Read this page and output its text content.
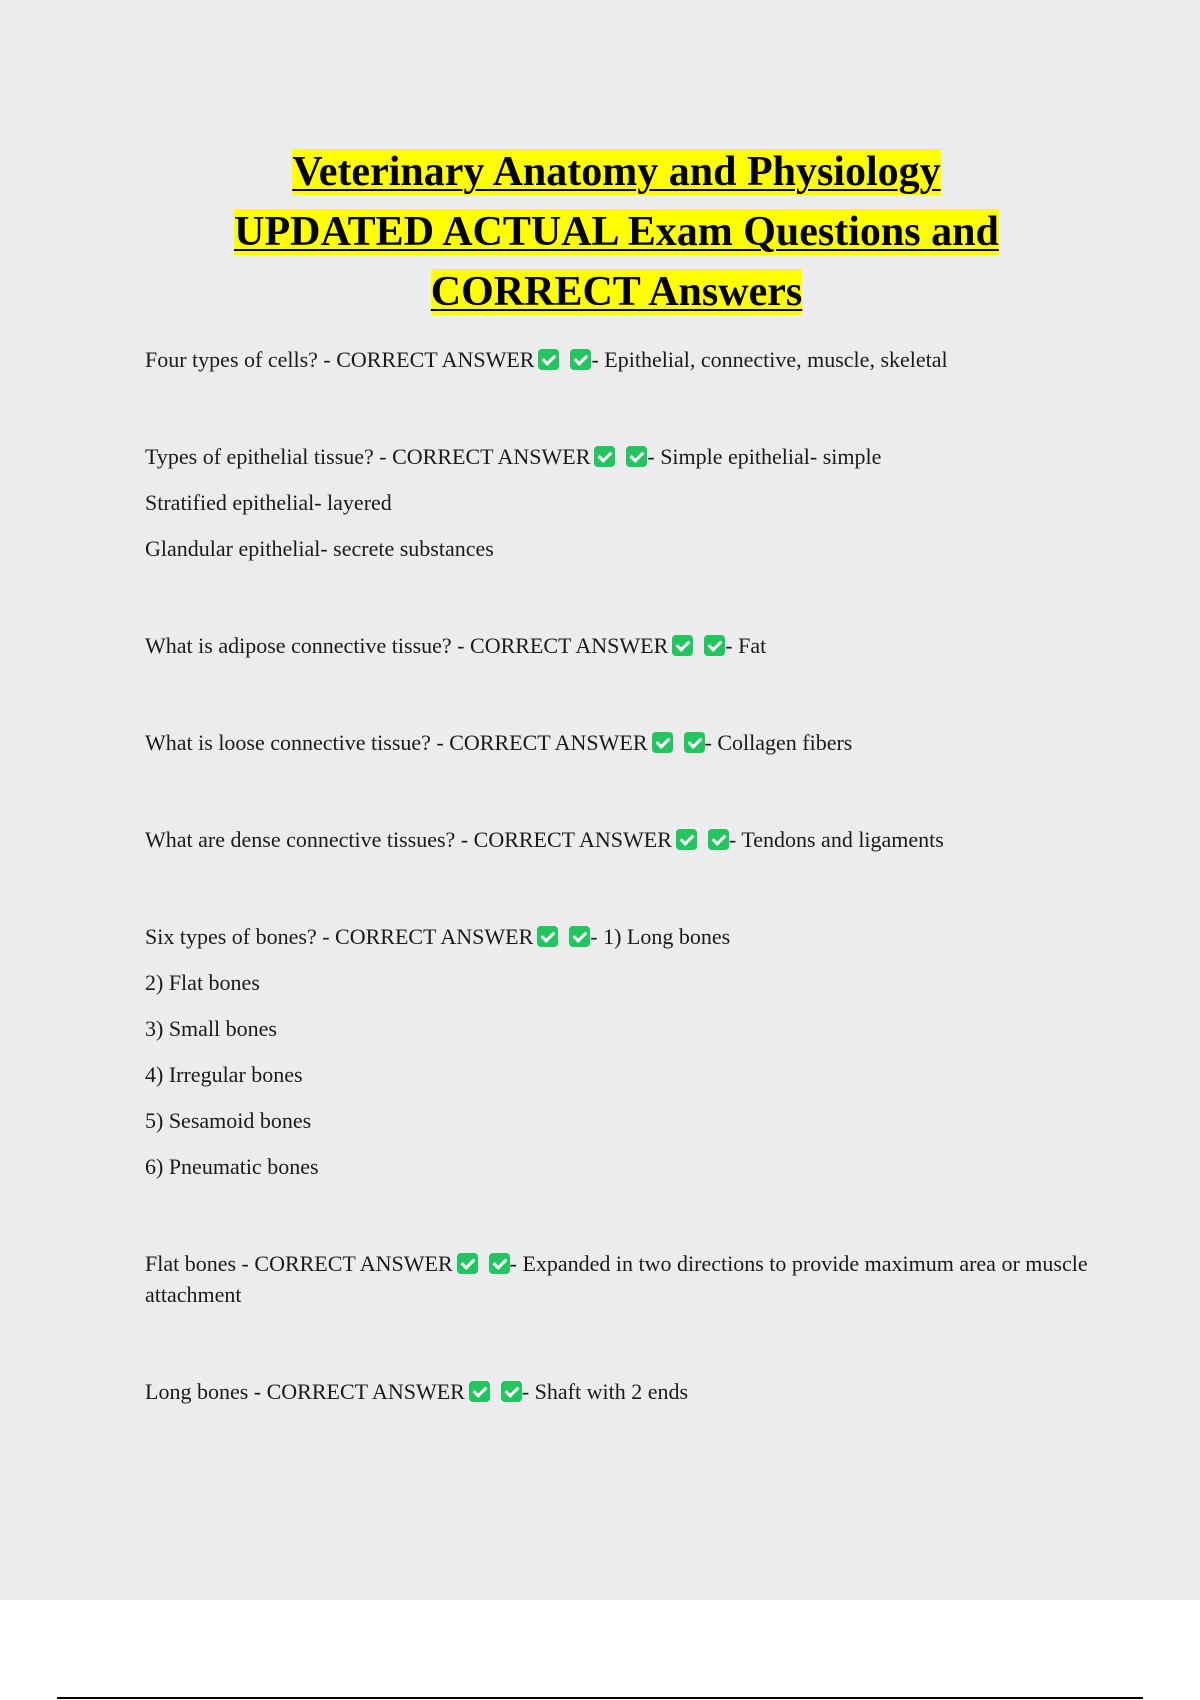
Veterinary Anatomy and Physiology
UPDATED ACTUAL Exam Questions and
CORRECT Answers

Four types of cells? - CORRECT ANSWER	- Epithelial, connective, muscle, skeletal

Types of epithelial tissue? - CORRECT ANSWER	- Simple epithelial- simple

Stratified epithelial- layered

Glandular epithelial- secrete substances

What is adipose connective tissue? - CORRECT ANSWER	- Fat

What is loose connective tissue? - CORRECT ANSWER	- Collagen fibers

What are dense connective tissues? - CORRECT ANSWER	- Tendons and ligaments

Six types of bones? - CORRECT ANSWER	- 1) Long bones

2) Flat bones

3) Small bones

4) Irregular bones

5) Sesamoid bones

6) Pneumatic bones

Flat bones - CORRECT ANSWER	- Expanded in two directions to provide maximum area or muscle attachment

Long bones - CORRECT ANSWER	- Shaft with 2 ends
